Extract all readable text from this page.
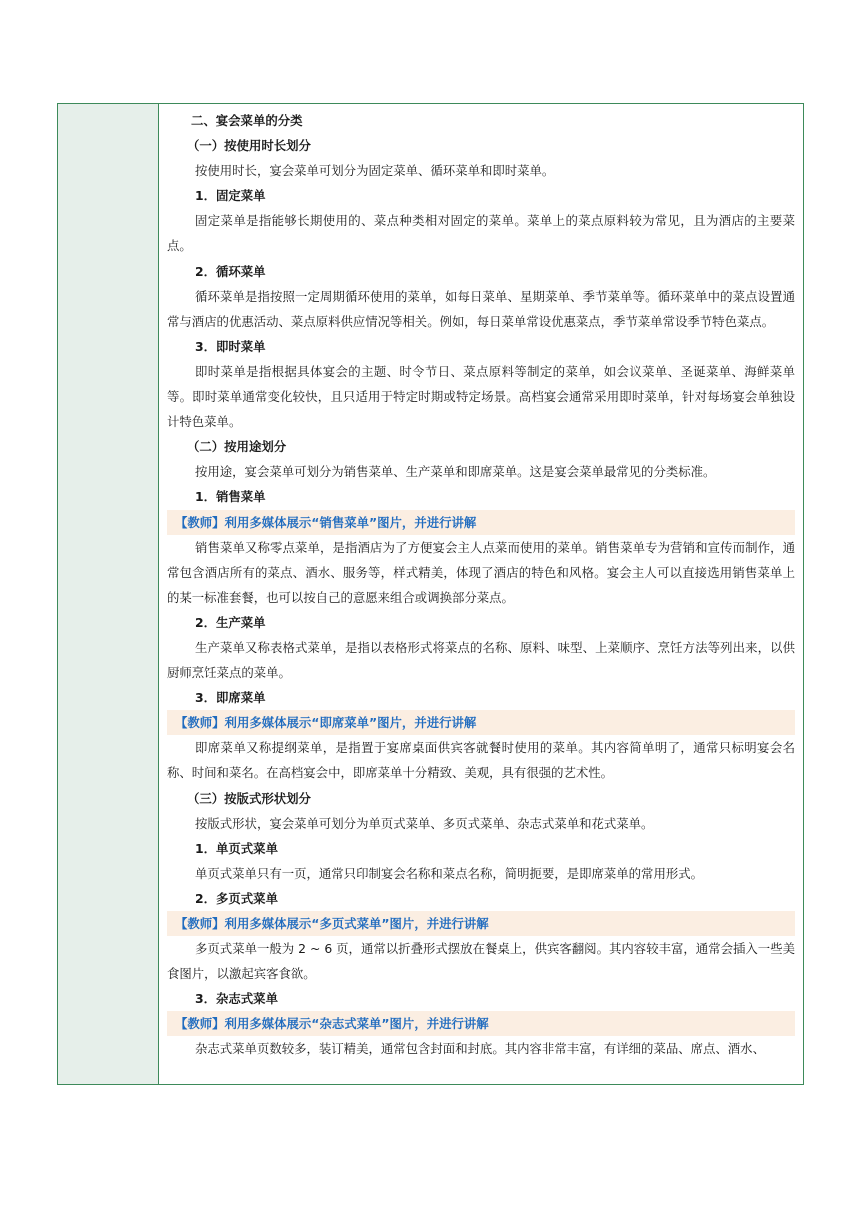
二、宴会菜单的分类

（一）按使用时长划分

按使用时长，宴会菜单可划分为固定菜单、循环菜单和即时菜单。

1．固定菜单

固定菜单是指能够长期使用的、菜点种类相对固定的菜单。菜单上的菜点原料较为常见，且为酒店的主要菜点。

2．循环菜单

循环菜单是指按照一定周期循环使用的菜单，如每日菜单、星期菜单、季节菜单等。循环菜单中的菜点设置通常与酒店的优惠活动、菜点原料供应情况等相关。例如，每日菜单常设优惠菜点，季节菜单常设季节特色菜点。

3．即时菜单

即时菜单是指根据具体宴会的主题、时令节日、菜点原料等制定的菜单，如会议菜单、圣诞菜单、海鲜菜单等。即时菜单通常变化较快，且只适用于特定时期或特定场景。高档宴会通常采用即时菜单，针对每场宴会单独设计特色菜单。

（二）按用途划分

按用途，宴会菜单可划分为销售菜单、生产菜单和即席菜单。这是宴会菜单最常见的分类标准。

1．销售菜单

【教师】利用多媒体展示“销售菜单”图片，并进行讲解

销售菜单又称零点菜单，是指酒店为了方便宴会主人点菜而使用的菜单。销售菜单专为营销和宣传而制作，通常包含酒店所有的菜点、酒水、服务等，样式精美，体现了酒店的特色和风格。宴会主人可以直接选用销售菜单上的某一标准套餐，也可以按自己的意愿来组合或调换部分菜点。

2．生产菜单

生产菜单又称表格式菜单，是指以表格形式将菜点的名称、原料、味型、上菜顺序、烹饪方法等列出来，以供厨师烹饪菜点的菜单。

3．即席菜单

【教师】利用多媒体展示“即席菜单”图片，并进行讲解

即席菜单又称提纲菜单，是指置于宴席桌面供宾客就餐时使用的菜单。其内容简单明了，通常只标明宴会名称、时间和菜名。在高档宴会中，即席菜单十分精致、美观，具有很强的艺术性。

（三）按版式形状划分

按版式形状，宴会菜单可划分为单页式菜单、多页式菜单、杂志式菜单和花式菜单。

1．单页式菜单

单页式菜单只有一页，通常只印制宴会名称和菜点名称，简明扼要，是即席菜单的常用形式。

2．多页式菜单

【教师】利用多媒体展示“多页式菜单”图片，并进行讲解

多页式菜单一般为 2 ~ 6 页，通常以折叠形式摆放在餐桌上，供宾客翻阅。其内容较丰富，通常会插入一些美食图片，以激起宾客食欲。

3．杂志式菜单

【教师】利用多媒体展示“杂志式菜单”图片，并进行讲解

杂志式菜单页数较多，装订精美，通常包含封面和封底。其内容非常丰富，有详细的菜品、席点、酒水、
